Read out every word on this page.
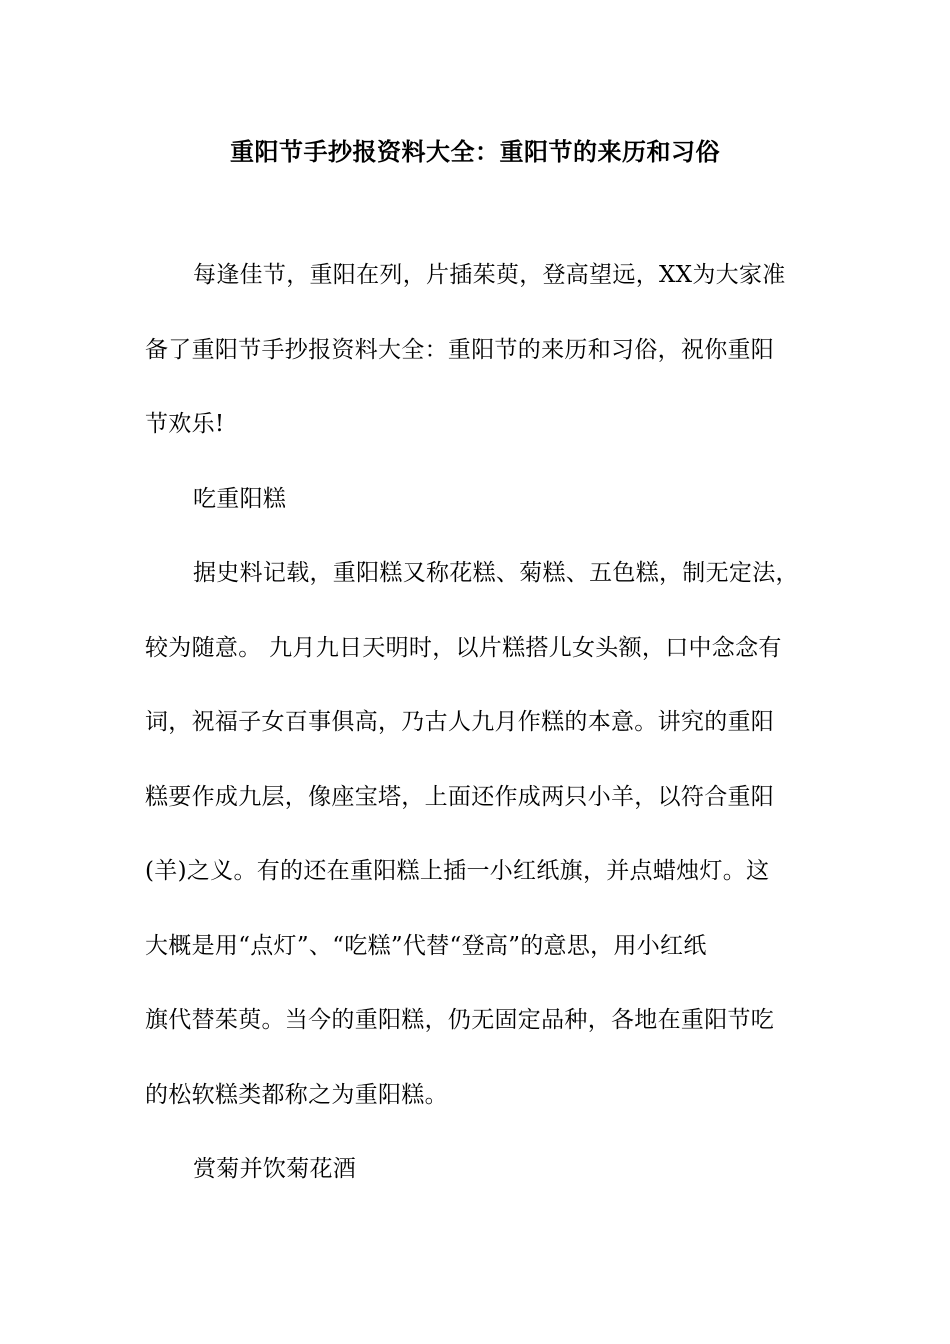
重阳节手抄报资料大全：重阳节的来历和习俗
每逢佳节，重阳在列，片插茱萸，登高望远，XX为大家准
备了重阳节手抄报资料大全：重阳节的来历和习俗，祝你重阳
节欢乐!
吃重阳糕
据史料记载，重阳糕又称花糕、菊糕、五色糕，制无定法，
较为随意。 九月九日天明时，以片糕搭儿女头额，口中念念有
词，祝福子女百事俱高，乃古人九月作糕的本意。讲究的重阳
糕要作成九层，像座宝塔，上面还作成两只小羊，以符合重阳
(羊)之义。有的还在重阳糕上插一小红纸旗，并点蜡烛灯。这
大概是用“点灯”、“吃糕”代替“登高”的意思，用小红纸
旗代替茱萸。当今的重阳糕，仍无固定品种，各地在重阳节吃
的松软糕类都称之为重阳糕。
赏菊并饮菊花酒
